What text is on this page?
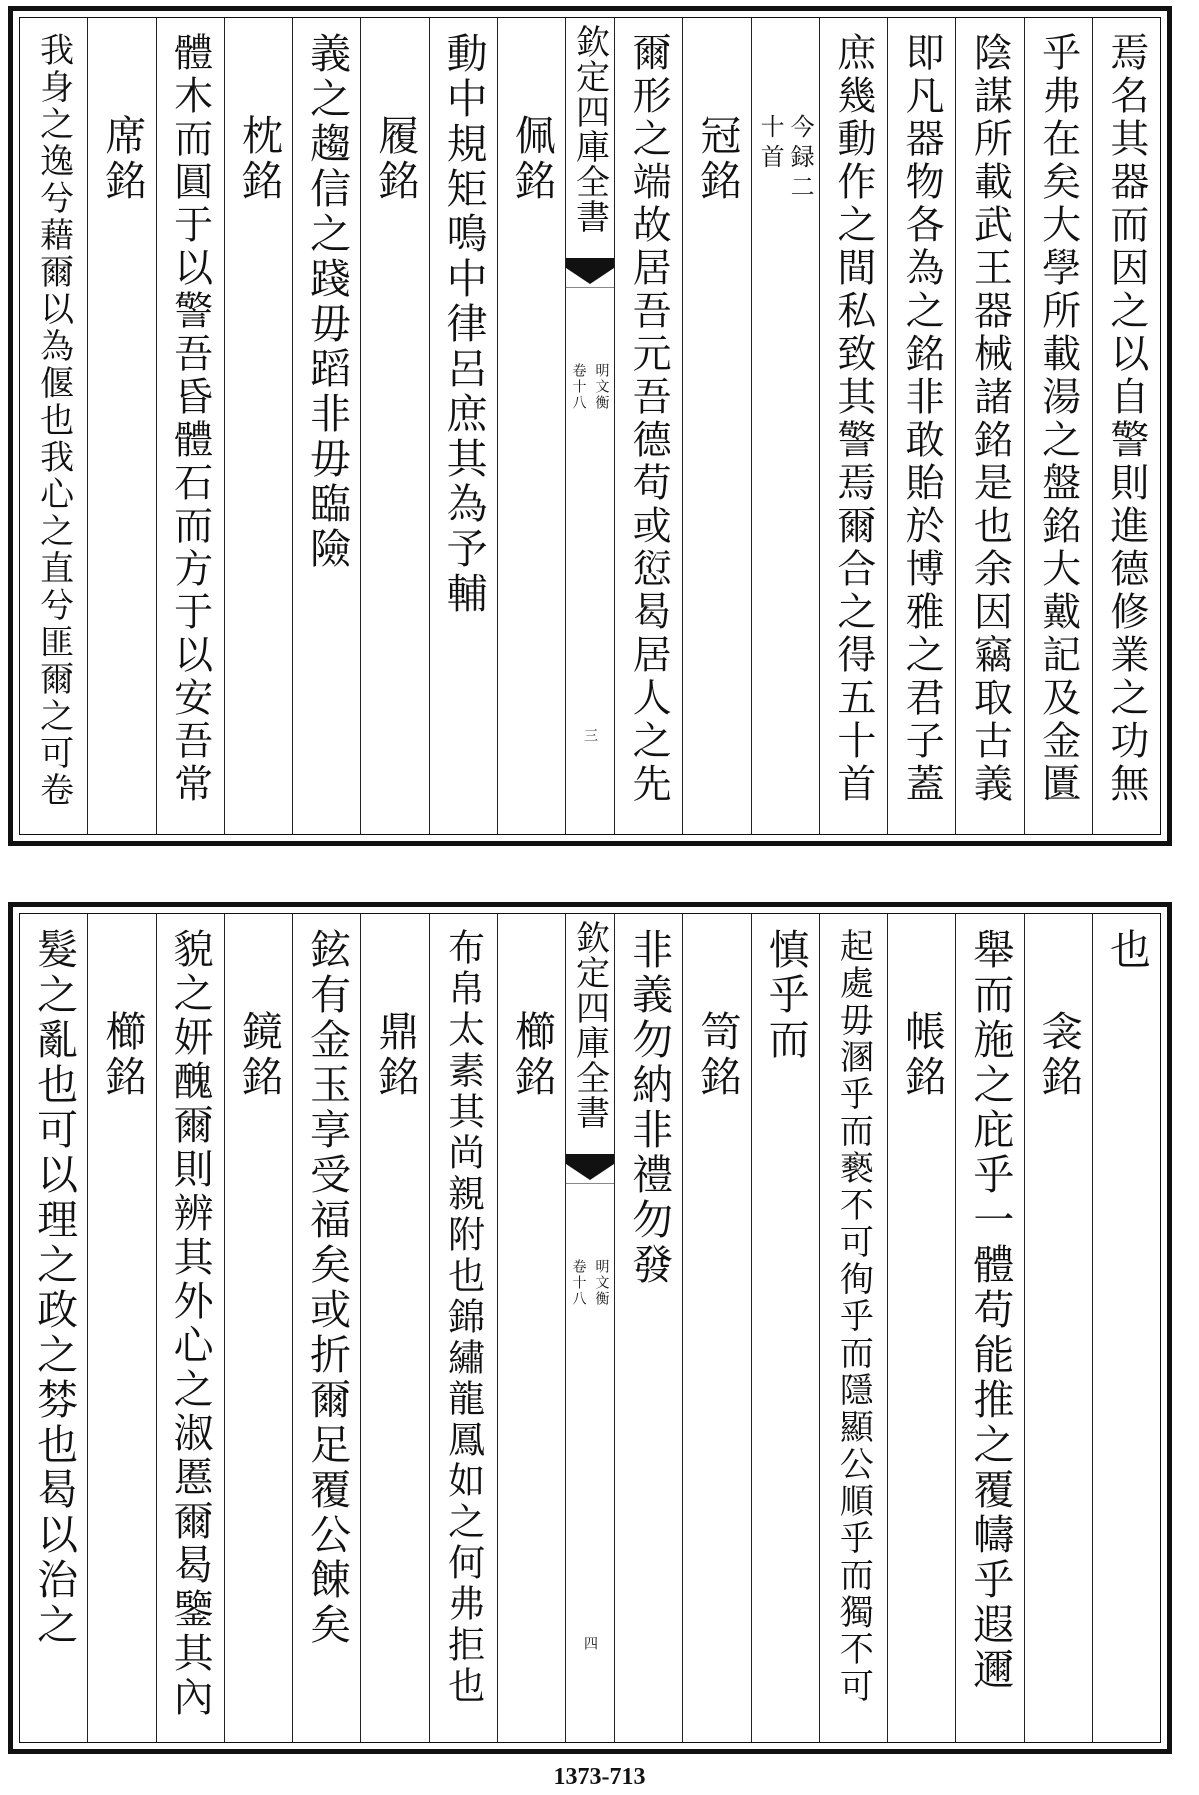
焉名其器而因之以自警則進德修業之功無
乎弗在矣大學所載湯之盤銘大戴記及金匱
陰謀所載武王器械諸銘是也余因竊取古義
即凡器物各為之銘非敢貽於博雅之君子蓋
庶幾動作之間私致其警焉爾合之得五十首
今録二
十首
冠銘
爾形之端故居吾元吾德苟或愆曷居人之先
欽定四庫全書
明文衡
卷十八
三
佩銘
動中規矩鳴中律呂庶其為予輔
履銘
義之趨信之踐毋蹈非毋臨險
枕銘
體木而圓于以警吾昏體石而方于以安吾常
席銘
我身之逸兮藉爾以為偃也我心之直兮匪爾之可卷
也
衾銘
舉而施之庇乎一體苟能推之覆幬乎遐邇
帳銘
起處毋溷乎而褻不可徇乎而隱顯公順乎而獨不可
慎乎而
笥銘
非義勿納非禮勿發
欽定四庫全書
明文衡
卷十八
四
櫛銘
布帛太素其尚親附也錦繡龍鳳如之何弗拒也
鼎銘
鉉有金玉享受福矣或折爾足覆公餗矣
鏡銘
貌之妍醜爾則辨其外心之淑慝爾曷鑒其內
櫛銘
髮之亂也可以理之政之棼也曷以治之
1373-713
